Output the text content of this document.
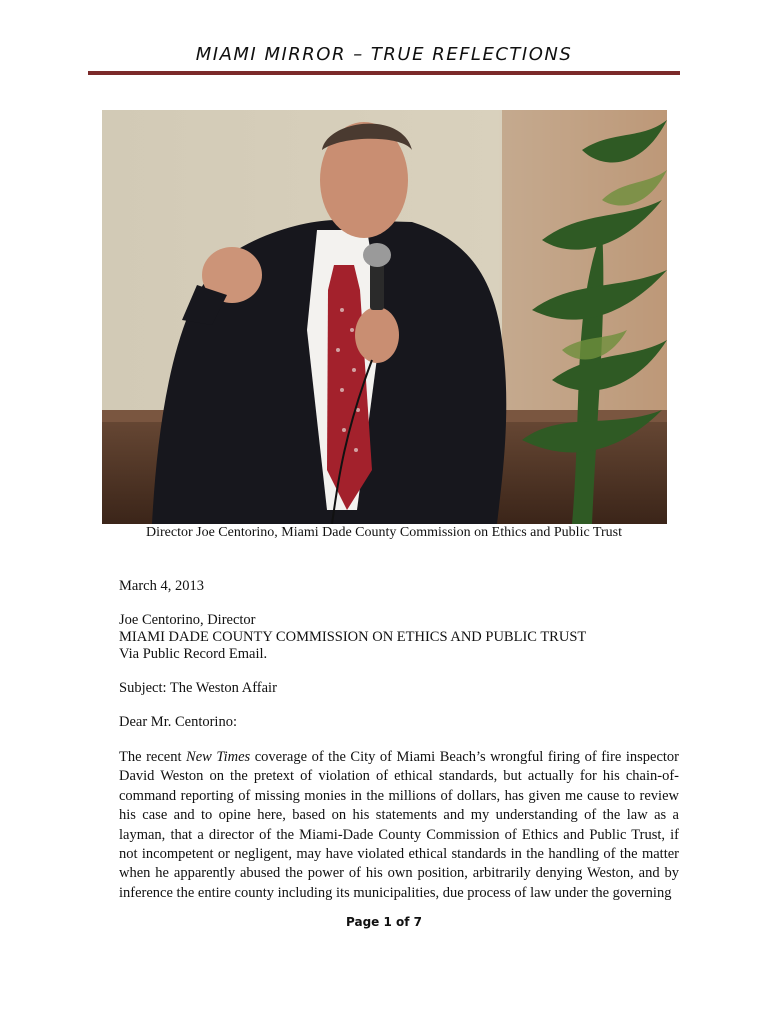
MIAMI MIRROR – TRUE REFLECTIONS
Director Joe Centorino, Miami Dade County Commission on Ethics and Public Trust

March 4, 2013

Joe Centorino, Director

MIAMI DADE COUNTY COMMISSION ON ETHICS AND PUBLIC TRUST

Via Public Record Email.

Subject: The Weston Affair

Dear Mr. Centorino:

The recent New Times coverage of the City of Miami Beach’s wrongful firing of fire inspector David Weston on the pretext of violation of ethical standards, but actually for his chain-of-command reporting of missing monies in the millions of dollars, has given me cause to review his case and to opine here, based on his statements and my understanding of the law as a layman, that a director of the Miami-Dade County Commission of Ethics and Public Trust, if not incompetent or negligent, may have violated ethical standards in the handling of the matter when he apparently abused the power of his own position, arbitrarily denying Weston, and by inference the entire county including its municipalities, due process of law under the governing

Page 1 of 7
